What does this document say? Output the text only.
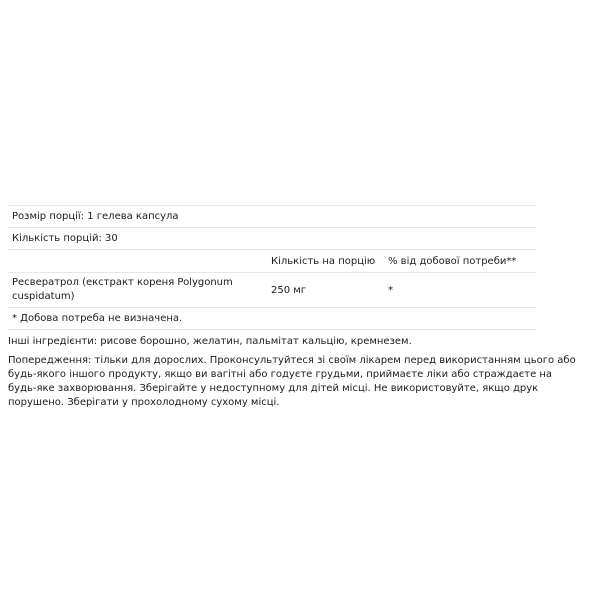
Розмір порції: 1 гелева капсула
Кількість порцій: 30
Кількість на порцію % від добової потреби**
Ресвератрол (екстракт кореня Polygonum cuspidatum)
250 мг	*
* Добова потреба не визначена.
Інші інгредієнти: рисове борошно, желатин, пальмітат кальцію, кремнезем.
Попередження: тільки для дорослих. Проконсультуйтеся зі своїм лікарем перед використанням цього або будь-якого іншого продукту, якщо ви вагітні або годуєте грудьми, приймаєте ліки або страждаєте на будь-яке захворювання. Зберігайте у недоступному для дітей місці. Не використовуйте, якщо друк порушено. Зберігати у прохолодному сухому місці.
